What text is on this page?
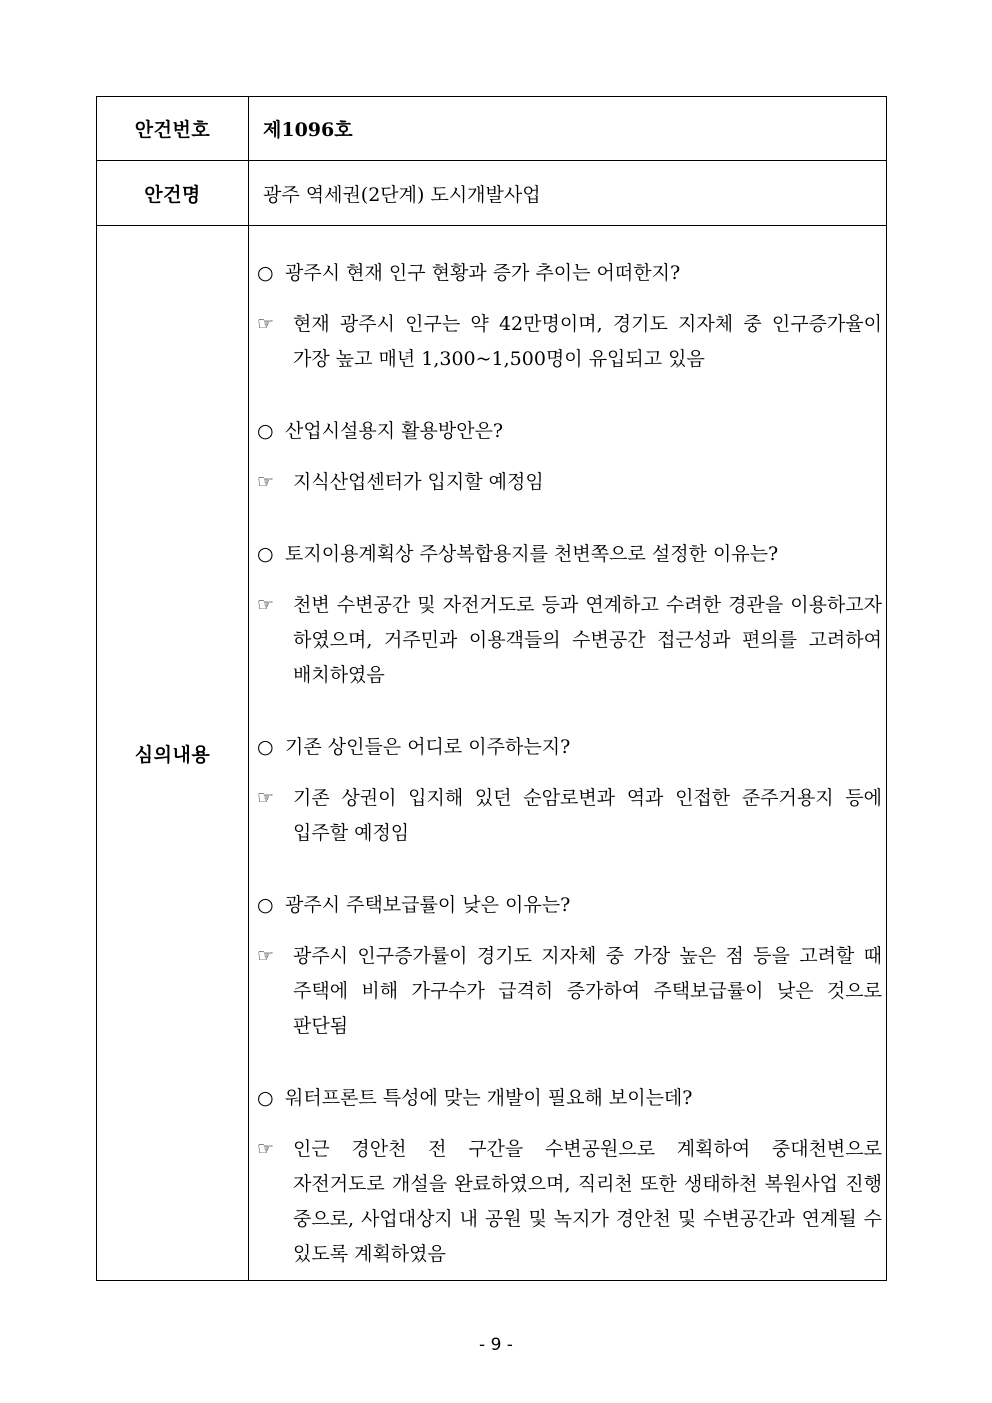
안건번호	제1096호
안건명	광주 역세권(2단계) 도시개발사업
심의내용
○ 광주시 현재 인구 현황과 증가 추이는 어떠한지?
☞ 현재 광주시 인구는 약 42만명이며, 경기도 지자체 중 인구증가율이 가장 높고 매년 1,300~1,500명이 유입되고 있음
○ 산업시설용지 활용방안은?
☞ 지식산업센터가 입지할 예정임
○ 토지이용계획상 주상복합용지를 천변쪽으로 설정한 이유는?
☞ 천변 수변공간 및 자전거도로 등과 연계하고 수려한 경관을 이용하고자 하였으며, 거주민과 이용객들의 수변공간 접근성과 편의를 고려하여 배치하였음
○ 기존 상인들은 어디로 이주하는지?
☞ 기존 상권이 입지해 있던 순암로변과 역과 인접한 준주거용지 등에 입주할 예정임
○ 광주시 주택보급률이 낮은 이유는?
☞ 광주시 인구증가률이 경기도 지자체 중 가장 높은 점 등을 고려할 때 주택에 비해 가구수가 급격히 증가하여 주택보급률이 낮은 것으로 판단됨
○ 워터프론트 특성에 맞는 개발이 필요해 보이는데?
☞ 인근 경안천 전 구간을 수변공원으로 계획하여 중대천변으로 자전거도로 개설을 완료하였으며, 직리천 또한 생태하천 복원사업 진행 중으로, 사업대상지 내 공원 및 녹지가 경안천 및 수변공간과 연계될 수 있도록 계획하였음
- 9 -
